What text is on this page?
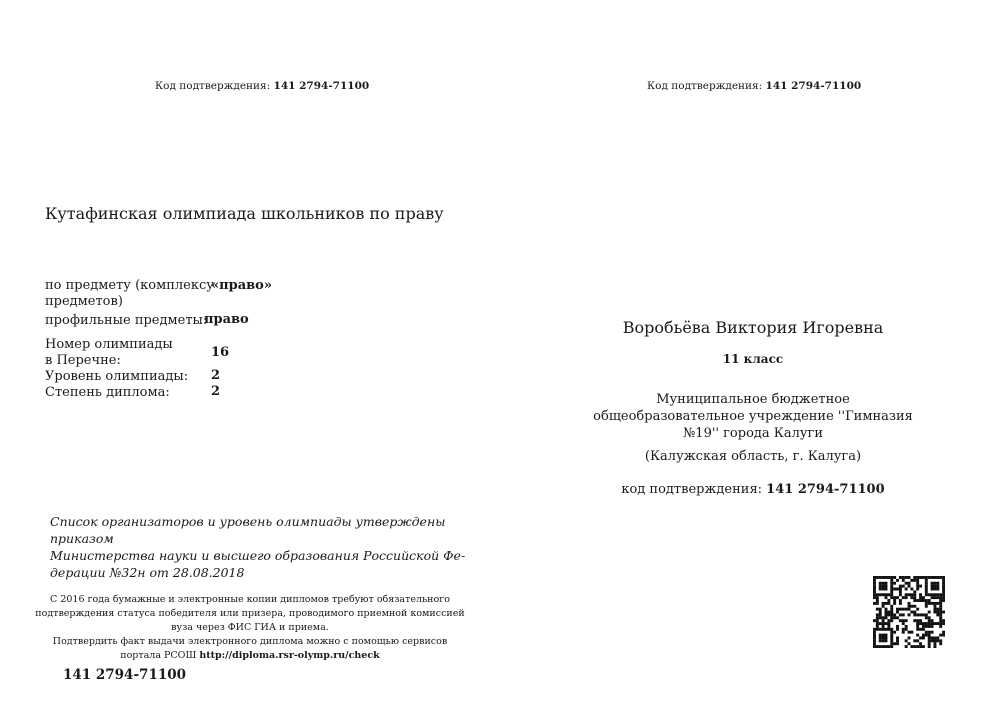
Код подтверждения: 141 2794-71100
Кутафинская олимпиада школьников по праву
по предмету (комплексу
предметов)
«право»
профильные предметы:
право
Номер олимпиады
в Перечне:
16
Уровень олимпиады: 2
Степень диплома:	2
Список организаторов и уровень олимпиады утверждены
приказом
Министерства науки и высшего образования Российской Фе-
дерации №32н от 28.08.2018
С 2016 года бумажные и электронные копии дипломов требуют обязательного
подтверждения статуса победителя или призера, проводимого приемной комиссией
вуза через ФИС ГИА и приема.
Подтвердить факт выдачи электронного диплома можно с помощью сервисов
портала РСОШ http://diploma.rsr-olymp.ru/check
141 2794-71100
Код подтверждения: 141 2794-71100
Воробьёва Виктория Игоревна
11 класс
Муниципальное бюджетное
общеобразовательное учреждение ''Гимназия
№19'' города Калуги
(Калужская область, г. Калуга)
код подтверждения: 141 2794-71100
